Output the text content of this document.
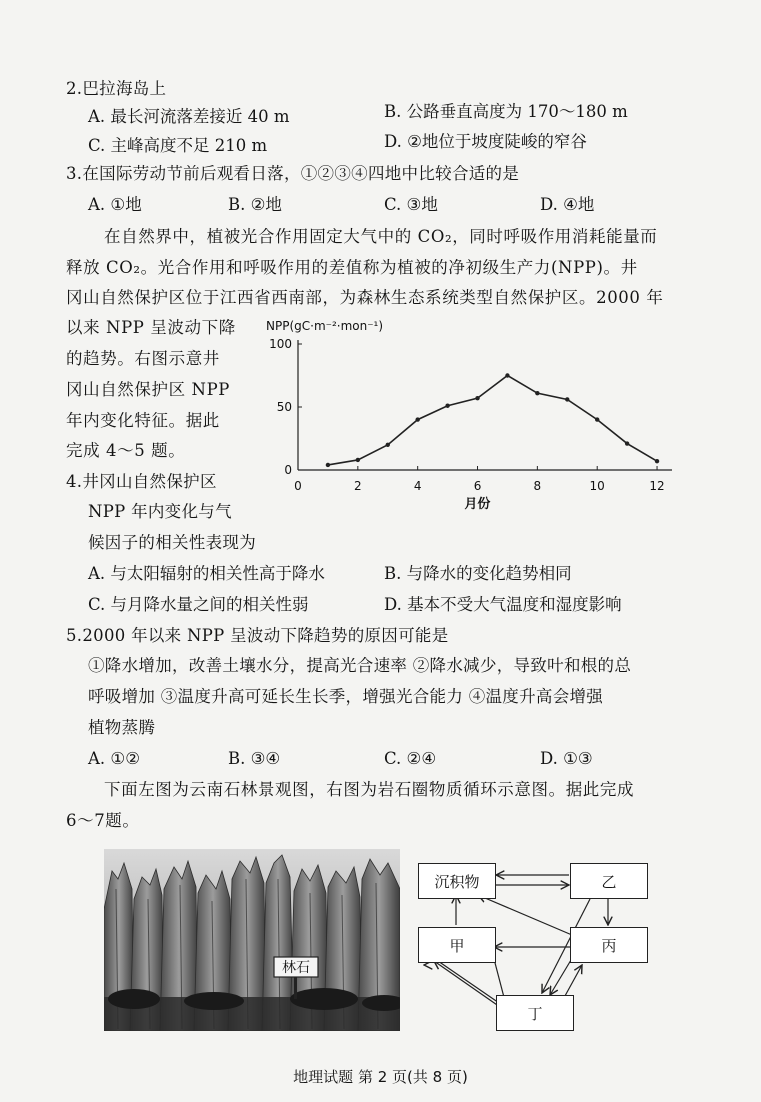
2.巴拉海岛上
A. 最长河流落差接近 40 m	B. 公路垂直高度为 170～180 m
C. 主峰高度不足 210 m	D. ②地位于坡度陡峻的窄谷
3.在国际劳动节前后观看日落，①②③④四地中比较合适的是
A. ①地	B. ②地	C. ③地	D. ④地
在自然界中，植被光合作用固定大气中的 CO₂，同时呼吸作用消耗能量而
释放 CO₂。光合作用和呼吸作用的差值称为植被的净初级生产力(NPP)。井
冈山自然保护区位于江西省西南部，为森林生态系统类型自然保护区。2000 年
以来 NPP 呈波动下降
的趋势。右图示意井
冈山自然保护区 NPP
年内变化特征。据此
完成 4～5 题。
NPP(gC·m⁻²·mon⁻¹)
0
50
100
0	2	4	6	8	10	12
月份
4.井冈山自然保护区
NPP 年内变化与气
候因子的相关性表现为
A. 与太阳辐射的相关性高于降水	B. 与降水的变化趋势相同
C. 与月降水量之间的相关性弱	D. 基本不受大气温度和湿度影响
5.2000 年以来 NPP 呈波动下降趋势的原因可能是
①降水增加，改善土壤水分，提高光合速率 ②降水减少，导致叶和根的总
呼吸增加 ③温度升高可延长生长季，增强光合能力 ④温度升高会增强
植物蒸腾
A. ①②	B. ③④	C. ②④	D. ①③
下面左图为云南石林景观图，右图为岩石圈物质循环示意图。据此完成
6～7题。
林石
沉积物	乙
甲	丙
丁
地理试题 第 2 页(共 8 页)
